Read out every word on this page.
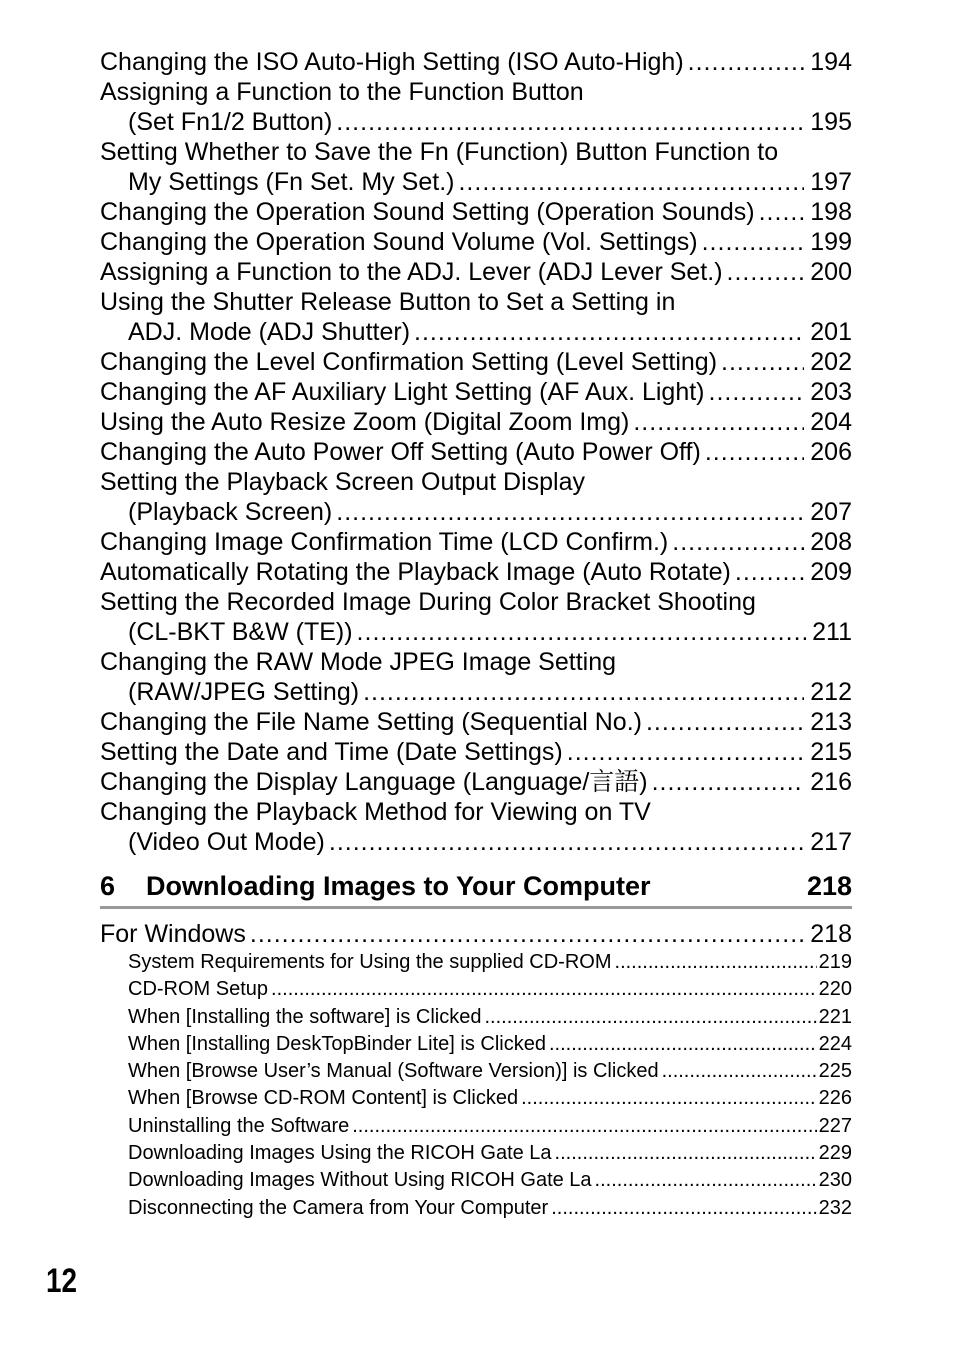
Changing the ISO Auto-High Setting (ISO Auto-High) .....	194
Assigning a Function to the Function Button
(Set Fn1/2 Button) .....	195
Setting Whether to Save the Fn (Function) Button Function to
My Settings (Fn Set. My Set.) .....	197
Changing the Operation Sound Setting (Operation Sounds) ..... 198
Changing the Operation Sound Volume (Vol. Settings) .....	199
Assigning a Function to the ADJ. Lever (ADJ Lever Set.) .....	200
Using the Shutter Release Button to Set a Setting in
ADJ. Mode (ADJ Shutter) .....	201
Changing the Level Confirmation Setting (Level Setting) .....	202
Changing the AF Auxiliary Light Setting (AF Aux. Light) .....	203
Using the Auto Resize Zoom (Digital Zoom Img) .....	204
Changing the Auto Power Off Setting (Auto Power Off) .....	206
Setting the Playback Screen Output Display
(Playback Screen) .....	207
Changing Image Confirmation Time (LCD Confirm.) .....	208
Automatically Rotating the Playback Image (Auto Rotate) .....	209
Setting the Recorded Image During Color Bracket Shooting
(CL-BKT B&W (TE)) .....	211
Changing the RAW Mode JPEG Image Setting
(RAW/JPEG Setting) .....	212
Changing the File Name Setting (Sequential No.) .....	213
Setting the Date and Time (Date Settings) .....	215
Changing the Display Language (Language/言語) .....	216
Changing the Playback Method for Viewing on TV
(Video Out Mode) .....	217
6	Downloading Images to Your Computer	218
For Windows .....	218
System Requirements for Using the supplied CD-ROM .....	219
CD-ROM Setup .....	220
When [Installing the software] is Clicked .....	221
When [Installing DeskTopBinder Lite] is Clicked .....	224
When [Browse User’s Manual (Software Version)] is Clicked .....	225
When [Browse CD-ROM Content] is Clicked .....	226
Uninstalling the Software .....	227
Downloading Images Using the RICOH Gate La .....	229
Downloading Images Without Using RICOH Gate La .....	230
Disconnecting the Camera from Your Computer .....	232
12
